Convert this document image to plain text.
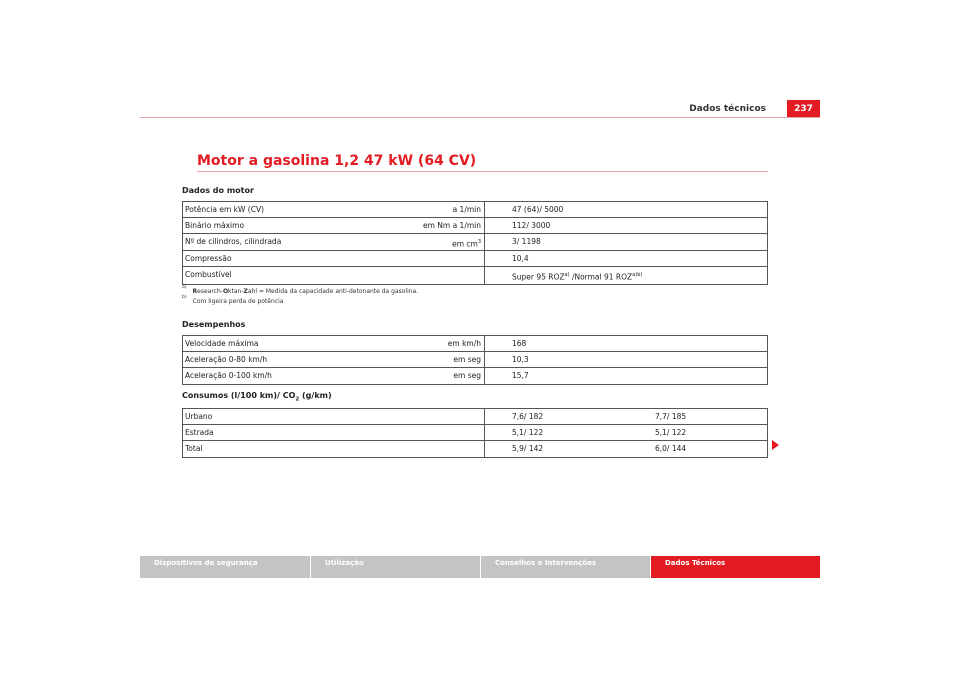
Dados técnicos	237
Motor a gasolina 1,2 47 kW (64 CV)
Dados do motor
Potência em kW (CV)	a 1/min	47 (64)/ 5000
Binário máximo	em Nm a 1/min	112/ 3000
Nº de cilindros, cilindrada	em $cm^3$	3/ 1198
Compressão	10,4
Combustível	Super 95 ROZ$^{a)}$ /Normal 91 $ROZ^{a)b)}$
$^{a)}$Research-Oktan-Zahl = Medida da capacidade anti-detonante da gasolina.
$^{b)}$Com ligeira perda de potência
Desempenhos
Velocidade máxima	em km/h	168
Aceleração 0-80 km/h	em seg	10,3
Aceleração 0-100 km/h	em seg	15,7
Consumos (l/100 km)/ $CO_2$ (g/km)
Urbano	7,6/ 182	7,7/ 185
Estrada	5,1/ 122	5,1/ 122
Total	5,9/ 142	6,0/ 144
Dispositivos de segurança	Utilização	Conselhos e Intervenções	Dados Técnicos
